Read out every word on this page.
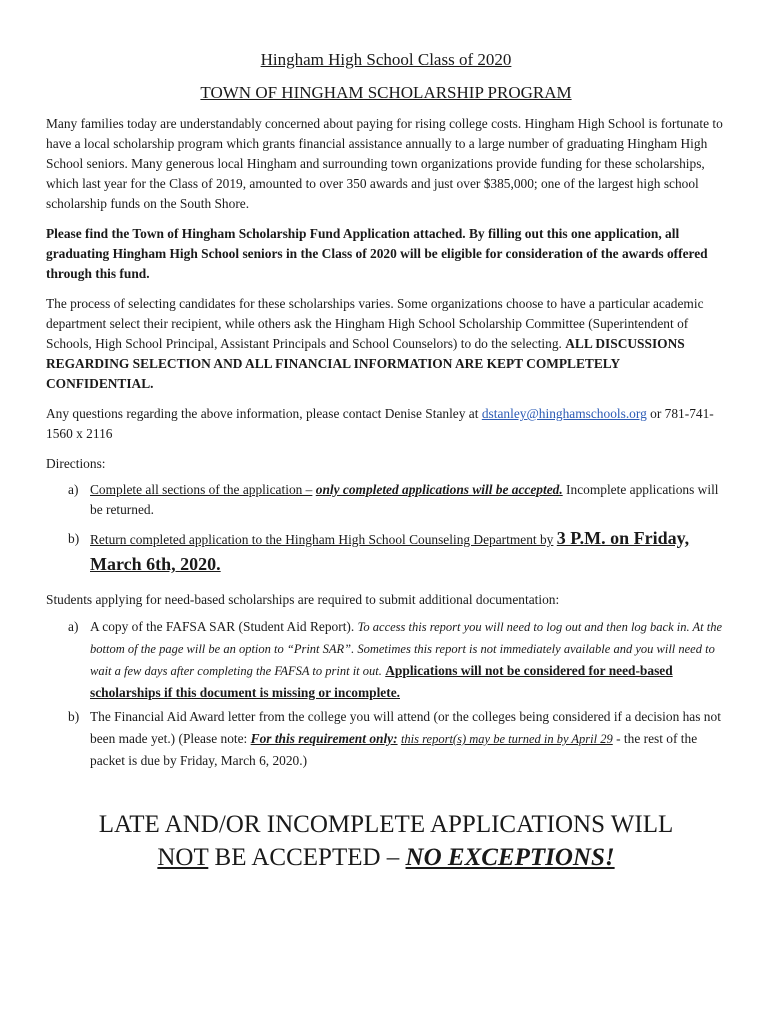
Hingham High School Class of 2020
TOWN OF HINGHAM SCHOLARSHIP PROGRAM

Many families today are understandably concerned about paying for rising college costs. Hingham High School is fortunate to have a local scholarship program which grants financial assistance annually to a large number of graduating Hingham High School seniors. Many generous local Hingham and surrounding town organizations provide funding for these scholarships, which last year for the Class of 2019, amounted to over 350 awards and just over $385,000; one of the largest high school scholarship funds on the South Shore.

Please find the Town of Hingham Scholarship Fund Application attached. By filling out this one application, all graduating Hingham High School seniors in the Class of 2020 will be eligible for consideration of the awards offered through this fund.

The process of selecting candidates for these scholarships varies. Some organizations choose to have a particular academic department select their recipient, while others ask the Hingham High School Scholarship Committee (Superintendent of Schools, High School Principal, Assistant Principals and School Counselors) to do the selecting. ALL DISCUSSIONS REGARDING SELECTION AND ALL FINANCIAL INFORMATION ARE KEPT COMPLETELY CONFIDENTIAL.

Any questions regarding the above information, please contact Denise Stanley at dstanley@hinghamschools.org or 781-741-1560 x 2116

Directions:

a) Complete all sections of the application – only completed applications will be accepted. Incomplete applications will be returned.
b) Return completed application to the Hingham High School Counseling Department by 3 P.M. on Friday, March 6th, 2020.

Students applying for need-based scholarships are required to submit additional documentation:

a) A copy of the FAFSA SAR (Student Aid Report). To access this report you will need to log out and then log back in. At the bottom of the page will be an option to “Print SAR”. Sometimes this report is not immediately available and you will need to wait a few days after completing the FAFSA to print it out. Applications will not be considered for need-based scholarships if this document is missing or incomplete.
b) The Financial Aid Award letter from the college you will attend (or the colleges being considered if a decision has not been made yet.) (Please note: For this requirement only: this report(s) may be turned in by April 29 - the rest of the packet is due by Friday, March 6, 2020.)
LATE AND/OR INCOMPLETE APPLICATIONS WILL
NOT BE ACCEPTED – NO EXCEPTIONS!
